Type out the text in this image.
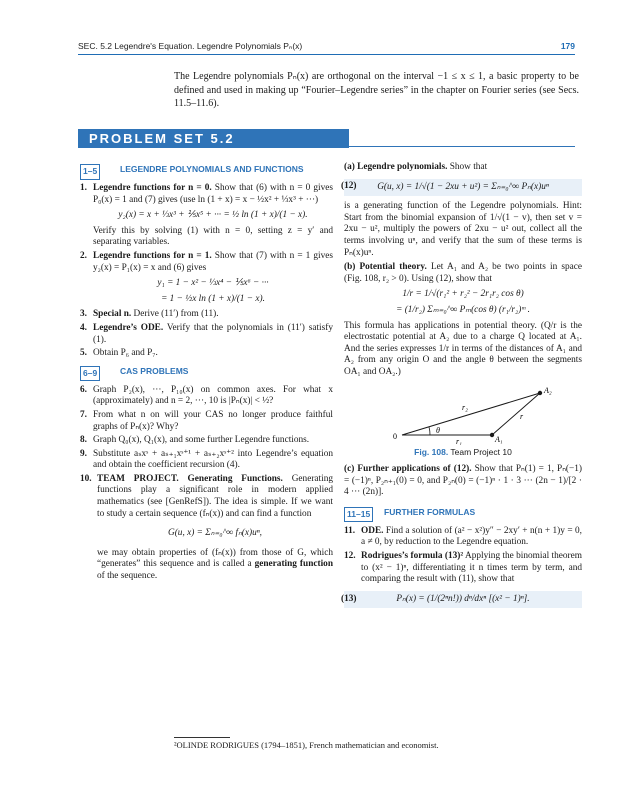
SEC. 5.2 Legendre's Equation. Legendre Polynomials Pₙ(x)	179
The Legendre polynomials Pₙ(x) are orthogonal on the interval −1 ≤ x ≤ 1, a basic property to be defined and used in making up “Fourier–Legendre series” in the chapter on Fourier series (see Secs. 11.5–11.6).
PROBLEM SET 5.2
1–5	LEGENDRE POLYNOMIALS AND FUNCTIONS
1. Legendre functions for n = 0. Show that (6) with n = 0 gives P₀(x) = 1 and (7) gives (use ln (1 + x) = x − ½x² + ⅓x³ + ···)
y₂(x) = x + ⅓x³ + ⅕x⁵ + ··· = ½ ln (1 + x)/(1 − x).
Verify this by solving (1) with n = 0, setting z = y′ and separating variables.
2. Legendre functions for n = 1. Show that (7) with n = 1 gives y₂(x) = P₁(x) = x and (6) gives
y₁ = 1 − x² − ⅓x⁴ − ⅕x⁶ − ···
= 1 − ½x ln (1 + x)/(1 − x).
3. Special n. Derive (11′) from (11).
4. Legendre’s ODE. Verify that the polynomials in (11′) satisfy (1).
5. Obtain P₆ and P₇.
6–9	CAS PROBLEMS
6. Graph P₂(x), ···, P₁₀(x) on common axes. For what x (approximately) and n = 2, ···, 10 is |Pₙ(x)| < ½?
7. From what n on will your CAS no longer produce faithful graphs of Pₙ(x)? Why?
8. Graph Q₀(x), Q₁(x), and some further Legendre functions.
9. Substitute aₛxˢ + aₛ₊₁xˢ⁺¹ + aₛ₊₂xˢ⁺² into Legendre’s equation and obtain the coefficient recursion (4).
10. TEAM PROJECT. Generating Functions. Generating functions play a significant role in modern applied mathematics (see [GenRefS]). The idea is simple. If we want to study a certain sequence (fₙ(x)) and can find a function
G(u, x) = Σₙ₌₀^∞ fₙ(x)uⁿ,
we may obtain properties of (fₙ(x)) from those of G, which “generates” this sequence and is called a generating function of the sequence.
(a) Legendre polynomials. Show that
(12)	G(u, x) = 1/√(1 − 2xu + u²) = Σₙ₌₀^∞ Pₙ(x)uⁿ
is a generating function of the Legendre polynomials. Hint: Start from the binomial expansion of 1/√(1 − v), then set v = 2xu − u², multiply the powers of 2xu − u² out, collect all the terms involving uⁿ, and verify that the sum of these terms is Pₙ(x)uⁿ.
(b) Potential theory. Let A₁ and A₂ be two points in space (Fig. 108, r₂ > 0). Using (12), show that
1/r = 1/√(r₁² + r₂² − 2r₁r₂ cos θ)
= (1/r₂) Σₘ₌₀^∞ Pₘ(cos θ) (r₁/r₂)ᵐ .
This formula has applications in potential theory. (Q/r is the electrostatic potential at A₂ due to a charge Q located at A₁. And the series expresses 1/r in terms of the distances of A₁ and A₂ from any origin O and the angle θ between the segments OA₁ and OA₂.)
0
θ
r₂
r₁
r
A₁
A₂
Fig. 108. Team Project 10
(c) Further applications of (12). Show that Pₙ(1) = 1, Pₙ(−1) = (−1)ⁿ, P₂ₙ₊₁(0) = 0, and P₂ₙ(0) = (−1)ⁿ · 1 · 3 ··· (2n − 1)/[2 · 4 ··· (2n)].
11–15	FURTHER FORMULAS
11. ODE. Find a solution of (a² − x²)y″ − 2xy′ + n(n + 1)y = 0, a ≠ 0, by reduction to the Legendre equation.
12. Rodrigues’s formula (13)² Applying the binomial theorem to (x² − 1)ⁿ, differentiating it n times term by term, and comparing the result with (11), show that
(13)	Pₙ(x) = (1/(2ⁿn!)) dⁿ/dxⁿ [(x² − 1)ⁿ].
²OLINDE RODRIGUES (1794–1851), French mathematician and economist.
